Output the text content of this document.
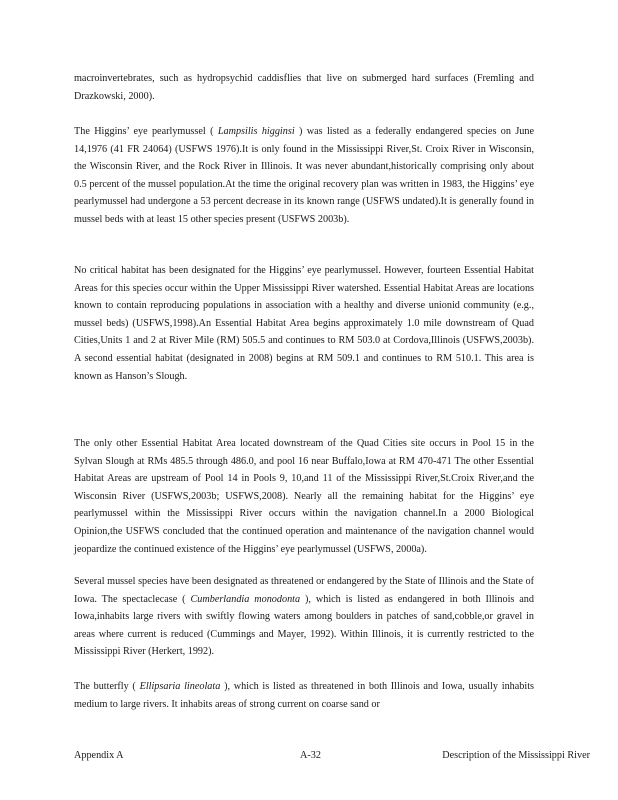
macroinvertebrates, such as hydropsychid caddisflies that live on submerged hard surfaces (Fremling and Drazkowski, 2000).

The Higgins’ eye pearlymussel ( Lampsilis higginsi ) was listed as a federally endangered species on June 14,1976 (41 FR 24064) (USFWS 1976).It is only found in the Mississippi River,St. Croix River in Wisconsin, the Wisconsin River, and the Rock River in Illinois. It was never abundant,historically comprising only about 0.5 percent of the mussel population.At the time the original recovery plan was written in 1983, the Higgins’ eye pearlymussel had undergone a 53 percent decrease in its known range (USFWS undated).It is generally found in mussel beds with at least 15 other species present (USFWS 2003b).

No critical habitat has been designated for the Higgins’ eye pearlymussel. However, fourteen Essential Habitat Areas for this species occur within the Upper Mississippi River watershed. Essential Habitat Areas are locations known to contain reproducing populations in association with a healthy and diverse unionid community (e.g., mussel beds) (USFWS,1998).An Essential Habitat Area begins approximately 1.0 mile downstream of Quad Cities,Units 1 and 2 at River Mile (RM) 505.5 and continues to RM 503.0 at Cordova,Illinois (USFWS,2003b). A second essential habitat (designated in 2008) begins at RM 509.1 and continues to RM 510.1. This area is known as Hanson’s Slough.

The only other Essential Habitat Area located downstream of the Quad Cities site occurs in Pool 15 in the Sylvan Slough at RMs 485.5 through 486.0, and pool 16 near Buffalo,Iowa at RM 470-471 The other Essential Habitat Areas are upstream of Pool 14 in Pools 9, 10,and 11 of the Mississippi River,St.Croix River,and the Wisconsin River (USFWS,2003b; USFWS,2008). Nearly all the remaining habitat for the Higgins’ eye pearlymussel within the Mississippi River occurs within the navigation channel.In a 2000 Biological Opinion,the USFWS concluded that the continued operation and maintenance of the navigation channel would jeopardize the continued existence of the Higgins’ eye pearlymussel (USFWS, 2000a).

Several mussel species have been designated as threatened or endangered by the State of Illinois and the State of Iowa. The spectaclecase ( Cumberlandia monodonta ), which is listed as endangered in both Illinois and Iowa,inhabits large rivers with swiftly flowing waters among boulders in patches of sand,cobble,or gravel in areas where current is reduced (Cummings and Mayer, 1992). Within Illinois, it is currently restricted to the Mississippi River (Herkert, 1992).

The butterfly ( Ellipsaria lineolata ), which is listed as threatened in both Illinois and Iowa, usually inhabits medium to large rivers. It inhabits areas of strong current on coarse sand or

Appendix A	A-32	Description of the Mississippi River
